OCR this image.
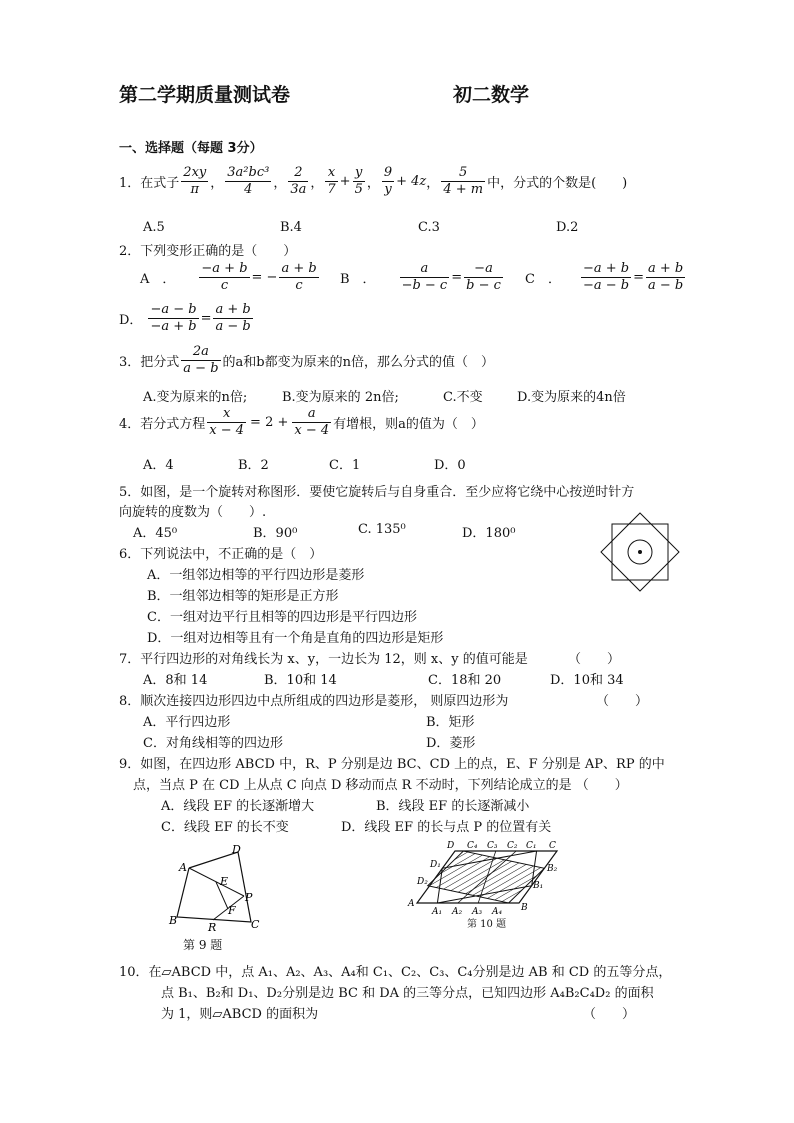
第二学期质量测试卷	初二数学
一、选择题（每题 3分）
1． 在式子 $\frac{2xy}{\pi}$ ， $\frac{\text{3a²bc³}}{4}$ ， $\frac{2}{3a}$ ， $\frac{x}{7} + \frac{y}{5}$ ， $\frac{9}{y} + 4z$ ， $\frac{5}{4 + m}$ 中，分式的个数是(　　)
A.5	B.4	C.3	D.2
2．下列变形正确的是（　　）
A　． $\frac{-a + b}{c}$ = − $\frac{a + b}{c}$ B　． $\frac{a}{-b - c} = \frac{-a}{b - c}$ C　． $\frac{-a + b}{-a - b} = \frac{a + b}{a - b}$
D． $\frac{-a - b}{-a + b} = \frac{a + b}{a - b}$
3．把分式 $\frac{2a}{a - b}$ 的a和b都变为原来的n倍，那么分式的值（　）
A.变为原来的n倍;	B.变为原来的 2n倍;	C.不变	D.变为原来的4n倍
4．若分式方程 $\frac{x}{x - 4} = 2 + \frac{a}{x - 4}$ 有增根，则a的值为（　）
A．4	B．2	C．1	D．0
5．如图，是一个旋转对称图形．要使它旋转后与自身重合．至少应将它绕中心按逆时针方
向旋转的度数为（　　）.
A．45⁰	B．90⁰	C. 135⁰	D．180⁰
6．下列说法中，不正确的是（　）
A．一组邻边相等的平行四边形是菱形
B．一组邻边相等的矩形是正方形
C．一组对边平行且相等的四边形是平行四边形
D．一组对边相等且有一个角是直角的四边形是矩形
7．平行四边形的对角线长为 x、y，一边长为 12，则 x、y 的值可能是	（　　）
A．8和 14	B．10和 14	C．18和 20	D．10和 34
8．顺次连接四边形四边中点所组成的四边形是菱形， 则原四边形为	（　　）
A．平行四边形	B．矩形
C．对角线相等的四边形	D．菱形
9．如图，在四边形 ABCD 中，R、P 分别是边 BC、CD 上的点，E、F 分别是 AP、RP 的中
点，当点 P 在 CD 上从点 C 向点 D 移动而点 R 不动时，下列结论成立的是 （　　）
A．线段 EF 的长逐渐增大	B．线段 EF 的长逐渐减小
C．线段 EF 的长不变	D．线段 EF 的长与点 P 的位置有关
A
D
E
P
F
B
R	C
第 9 题
D C₄ C₃ C₂ C₁ C
D₁
D₂
B₂
B₁
A
A₁ A₂ A₃ A₄ B
第 10 题
10．在▱ABCD 中，点 A₁、A₂、A₃、A₄和 C₁、C₂、C₃、C₄分别是边 AB 和 CD 的五等分点，
点 B₁、B₂和 D₁、D₂分别是边 BC 和 DA 的三等分点，已知四边形 A₄B₂C₄D₂ 的面积
为 1，则▱ABCD 的面积为	（　　）
